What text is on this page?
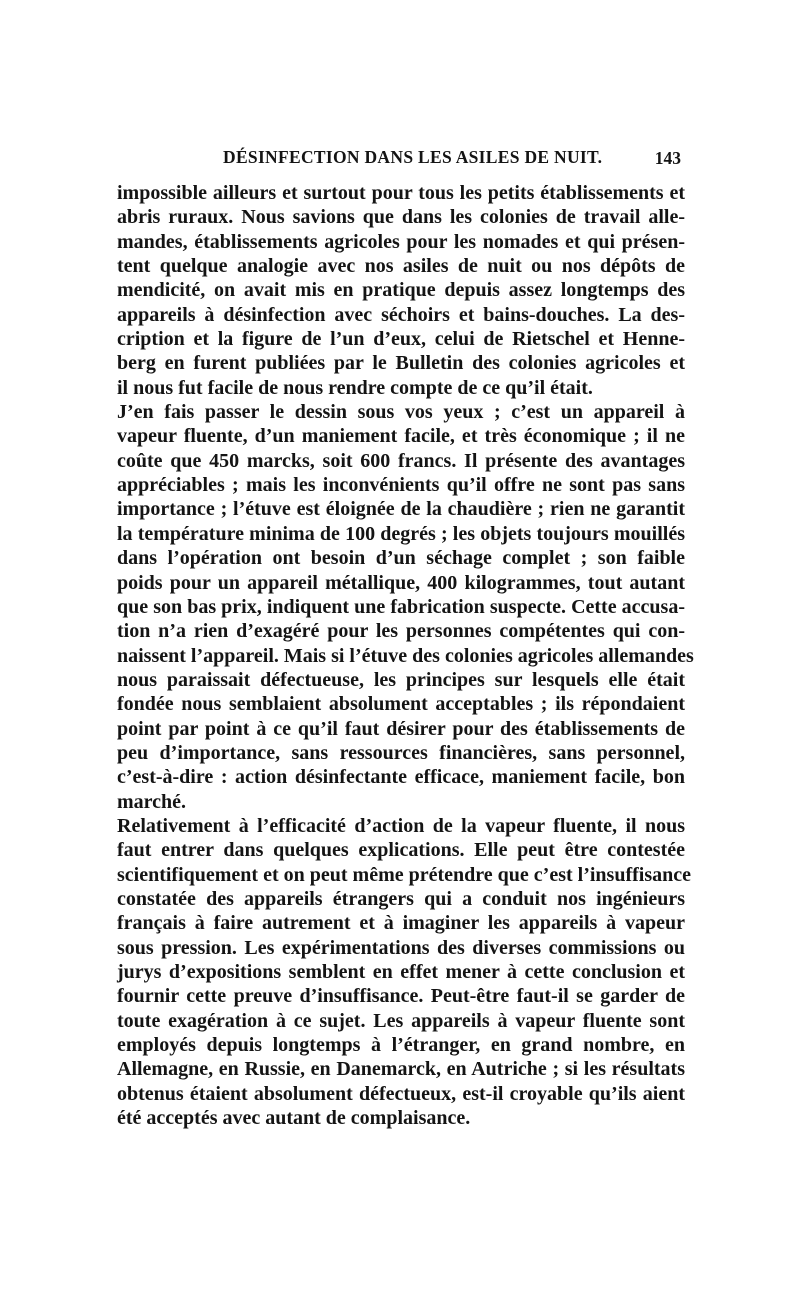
DÉSINFECTION DANS LES ASILES DE NUIT.	143
impossible ailleurs et surtout pour tous les petits établissements et
abris ruraux. Nous savions que dans les colonies de travail alle-
mandes, établissements agricoles pour les nomades et qui présen-
tent quelque analogie avec nos asiles de nuit ou nos dépôts de
mendicité, on avait mis en pratique depuis assez longtemps des
appareils à désinfection avec séchoirs et bains-douches. La des-
cription et la figure de l’un d’eux, celui de Rietschel et Henne-
berg en furent publiées par le Bulletin des colonies agricoles et
il nous fut facile de nous rendre compte de ce qu’il était.
J’en fais passer le dessin sous vos yeux ; c’est un appareil à
vapeur fluente, d’un maniement facile, et très économique ; il ne
coûte que 450 marcks, soit 600 francs. Il présente des avantages
appréciables ; mais les inconvénients qu’il offre ne sont pas sans
importance ; l’étuve est éloignée de la chaudière ; rien ne garantit
la température minima de 100 degrés ; les objets toujours mouillés
dans l’opération ont besoin d’un séchage complet ; son faible
poids pour un appareil métallique, 400 kilogrammes, tout autant
que son bas prix, indiquent une fabrication suspecte. Cette accusa-
tion n’a rien d’exagéré pour les personnes compétentes qui con-
naissent l’appareil. Mais si l’étuve des colonies agricoles allemandes
nous paraissait défectueuse, les principes sur lesquels elle était
fondée nous semblaient absolument acceptables ; ils répondaient
point par point à ce qu’il faut désirer pour des établissements de
peu d’importance, sans ressources financières, sans personnel,
c’est-à-dire : action désinfectante efficace, maniement facile, bon
marché.
Relativement à l’efficacité d’action de la vapeur fluente, il nous
faut entrer dans quelques explications. Elle peut être contestée
scientifiquement et on peut même prétendre que c’est l’insuffisance
constatée des appareils étrangers qui a conduit nos ingénieurs
français à faire autrement et à imaginer les appareils à vapeur
sous pression. Les expérimentations des diverses commissions ou
jurys d’expositions semblent en effet mener à cette conclusion et
fournir cette preuve d’insuffisance. Peut-être faut-il se garder de
toute exagération à ce sujet. Les appareils à vapeur fluente sont
employés depuis longtemps à l’étranger, en grand nombre, en
Allemagne, en Russie, en Danemarck, en Autriche ; si les résultats
obtenus étaient absolument défectueux, est-il croyable qu’ils aient
été acceptés avec autant de complaisance.
